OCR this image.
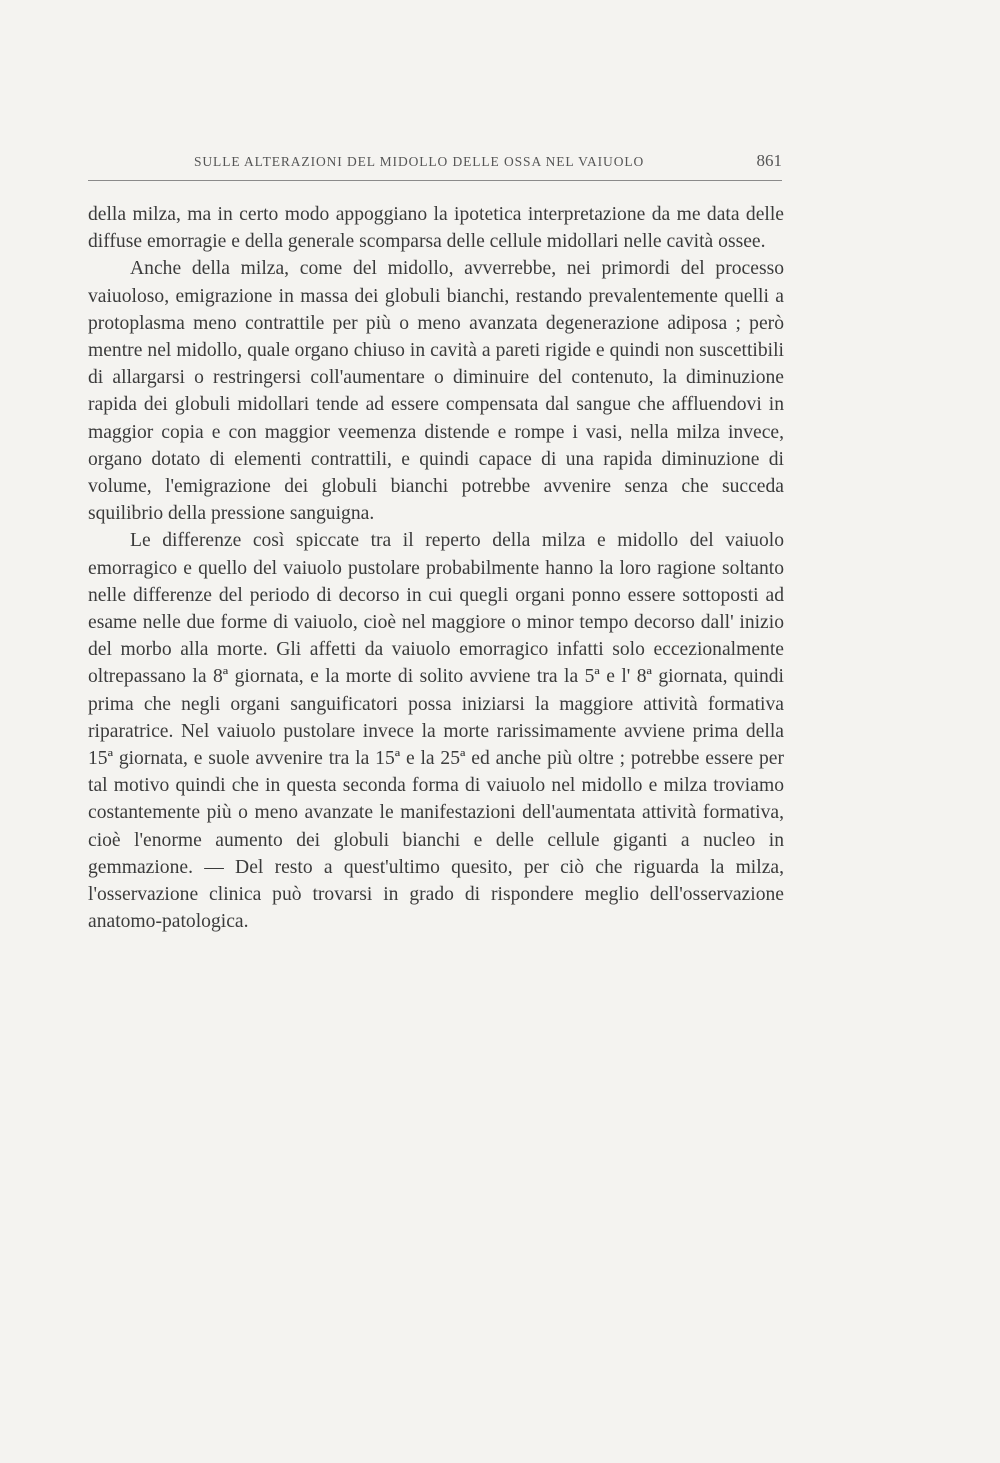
SULLE ALTERAZIONI DEL MIDOLLO DELLE OSSA NEL VAIUOLO	861

della milza, ma in certo modo appoggiano la ipotetica interpretazione da me data delle diffuse emorragie e della generale scomparsa delle cellule midollari nelle cavità ossee.

Anche della milza, come del midollo, avverrebbe, nei primordi del processo vaiuoloso, emigrazione in massa dei globuli bianchi, restando prevalentemente quelli a protoplasma meno contrattile per più o meno avanzata degenerazione adiposa ; però mentre nel midollo, quale organo chiuso in cavità a pareti rigide e quindi non suscettibili di allargarsi o restringersi coll'aumentare o diminuire del contenuto, la diminuzione rapida dei globuli midollari tende ad essere compensata dal sangue che affluendovi in maggior copia e con maggior veemenza distende e rompe i vasi, nella milza invece, organo dotato di elementi contrattili, e quindi capace di una rapida diminuzione di volume, l'emigrazione dei globuli bianchi potrebbe avvenire senza che succeda squilibrio della pressione sanguigna.

Le differenze così spiccate tra il reperto della milza e midollo del vaiuolo emorragico e quello del vaiuolo pustolare probabilmente hanno la loro ragione soltanto nelle differenze del periodo di decorso in cui quegli organi ponno essere sottoposti ad esame nelle due forme di vaiuolo, cioè nel maggiore o minor tempo decorso dall' inizio del morbo alla morte. Gli affetti da vaiuolo emorragico infatti solo eccezionalmente oltrepassano la 8ª giornata, e la morte di solito avviene tra la 5ª e l' 8ª giornata, quindi prima che negli organi sanguificatori possa iniziarsi la maggiore attività formativa riparatrice. Nel vaiuolo pustolare invece la morte rarissimamente avviene prima della 15ª giornata, e suole avvenire tra la 15ª e la 25ª ed anche più oltre ; potrebbe essere per tal motivo quindi che in questa seconda forma di vaiuolo nel midollo e milza troviamo costantemente più o meno avanzate le manifestazioni dell'aumentata attività formativa, cioè l'enorme aumento dei globuli bianchi e delle cellule giganti a nucleo in gemmazione. — Del resto a quest'ultimo quesito, per ciò che riguarda la milza, l'osservazione clinica può trovarsi in grado di rispondere meglio dell'osservazione anatomo-patologica.
